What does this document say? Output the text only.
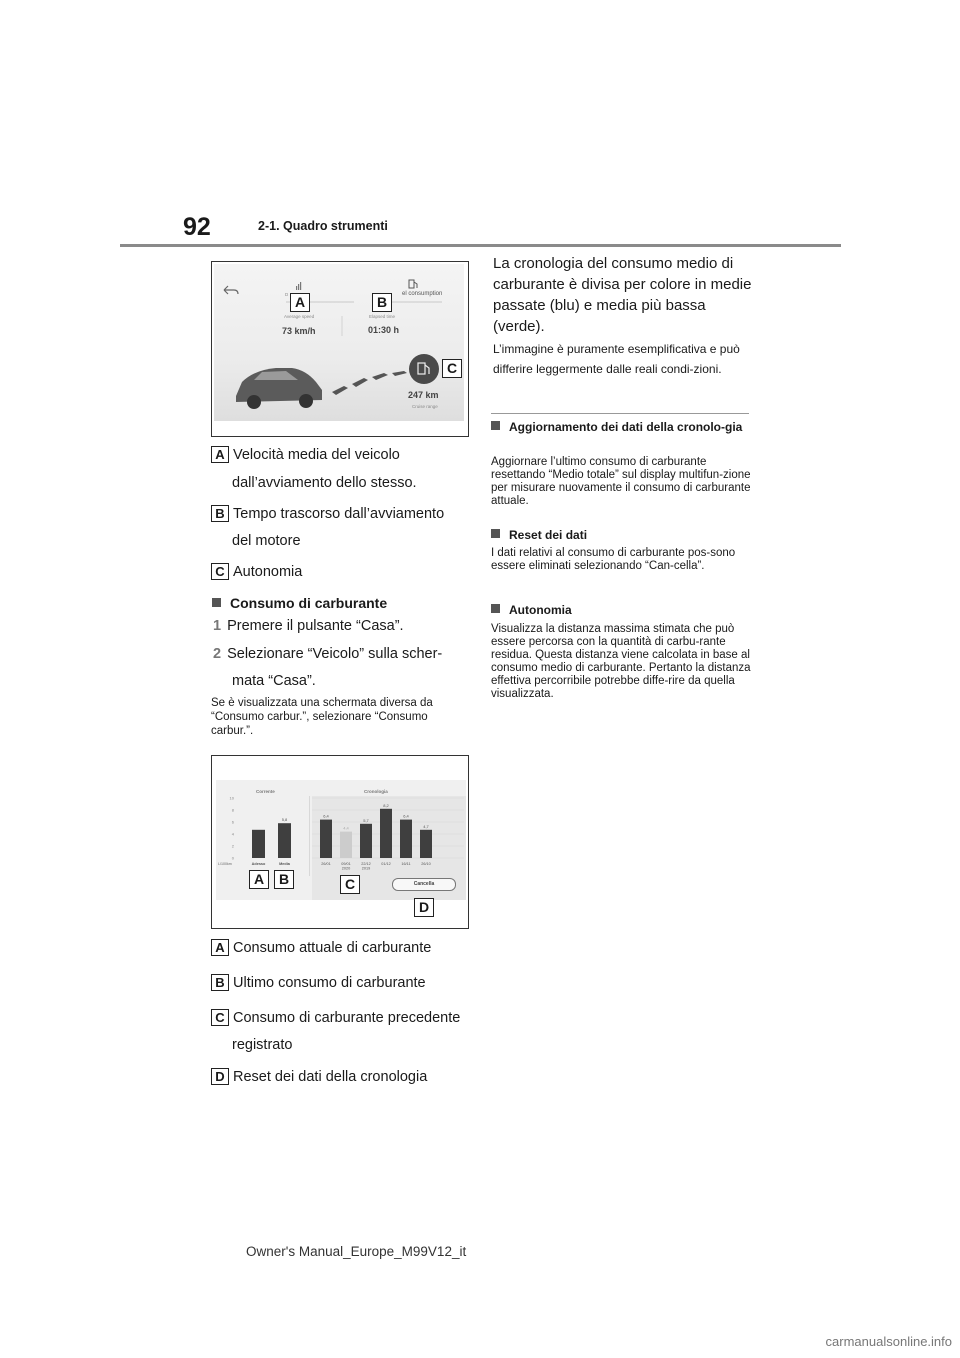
92	2-1. Quadro strumenti
D	el consumption
Average speed	Elapsed time
73 km/h	01:30 h
247 km
Cruise range
A	B
C
A Velocità media del veicolo
dall’avviamento dello stesso.
B Tempo trascorso dall’avviamento
del motore
C Autonomia
Consumo di carburante
1 Premere il pulsante “Casa”.
2 Selezionare “Veicolo” sulla scher-
mata “Casa”.
Se è visualizzata una schermata diversa da “Consumo carbur.”, selezionare “Consumo carbur.”.
Corrente	Cronologia
0
2
4
6
8
10
L/100km	Adesso
5,8
Media
6,4
26/01
4,4
09/01
2020
5,7
22/12
2019
8,2
01/12
6,4
16/11
4,7
26/10
Cancella
A	B	C
D
A Consumo attuale di carburante
B Ultimo consumo di carburante
C Consumo di carburante precedente
registrato
D Reset dei dati della cronologia
La cronologia del consumo medio di carburante è divisa per colore in medie passate (blu) e media più bassa (verde).
L’immagine è puramente esemplificativa e può differire leggermente dalle reali condi-zioni.
Aggiornamento dei dati della cronolo-gia
Aggiornare l’ultimo consumo di carburante resettando “Medio totale” sul display multifun-zione per misurare nuovamente il consumo di carburante attuale.
Reset dei dati
I dati relativi al consumo di carburante pos-sono essere eliminati selezionando “Can-cella”.
Autonomia
Visualizza la distanza massima stimata che può essere percorsa con la quantità di carbu-rante residua. Questa distanza viene calcolata in base al consumo medio di carburante. Pertanto la distanza effettiva percorribile potrebbe diffe-rire da quella visualizzata.
Owner's Manual_Europe_M99V12_it
carmanualsonline.info
